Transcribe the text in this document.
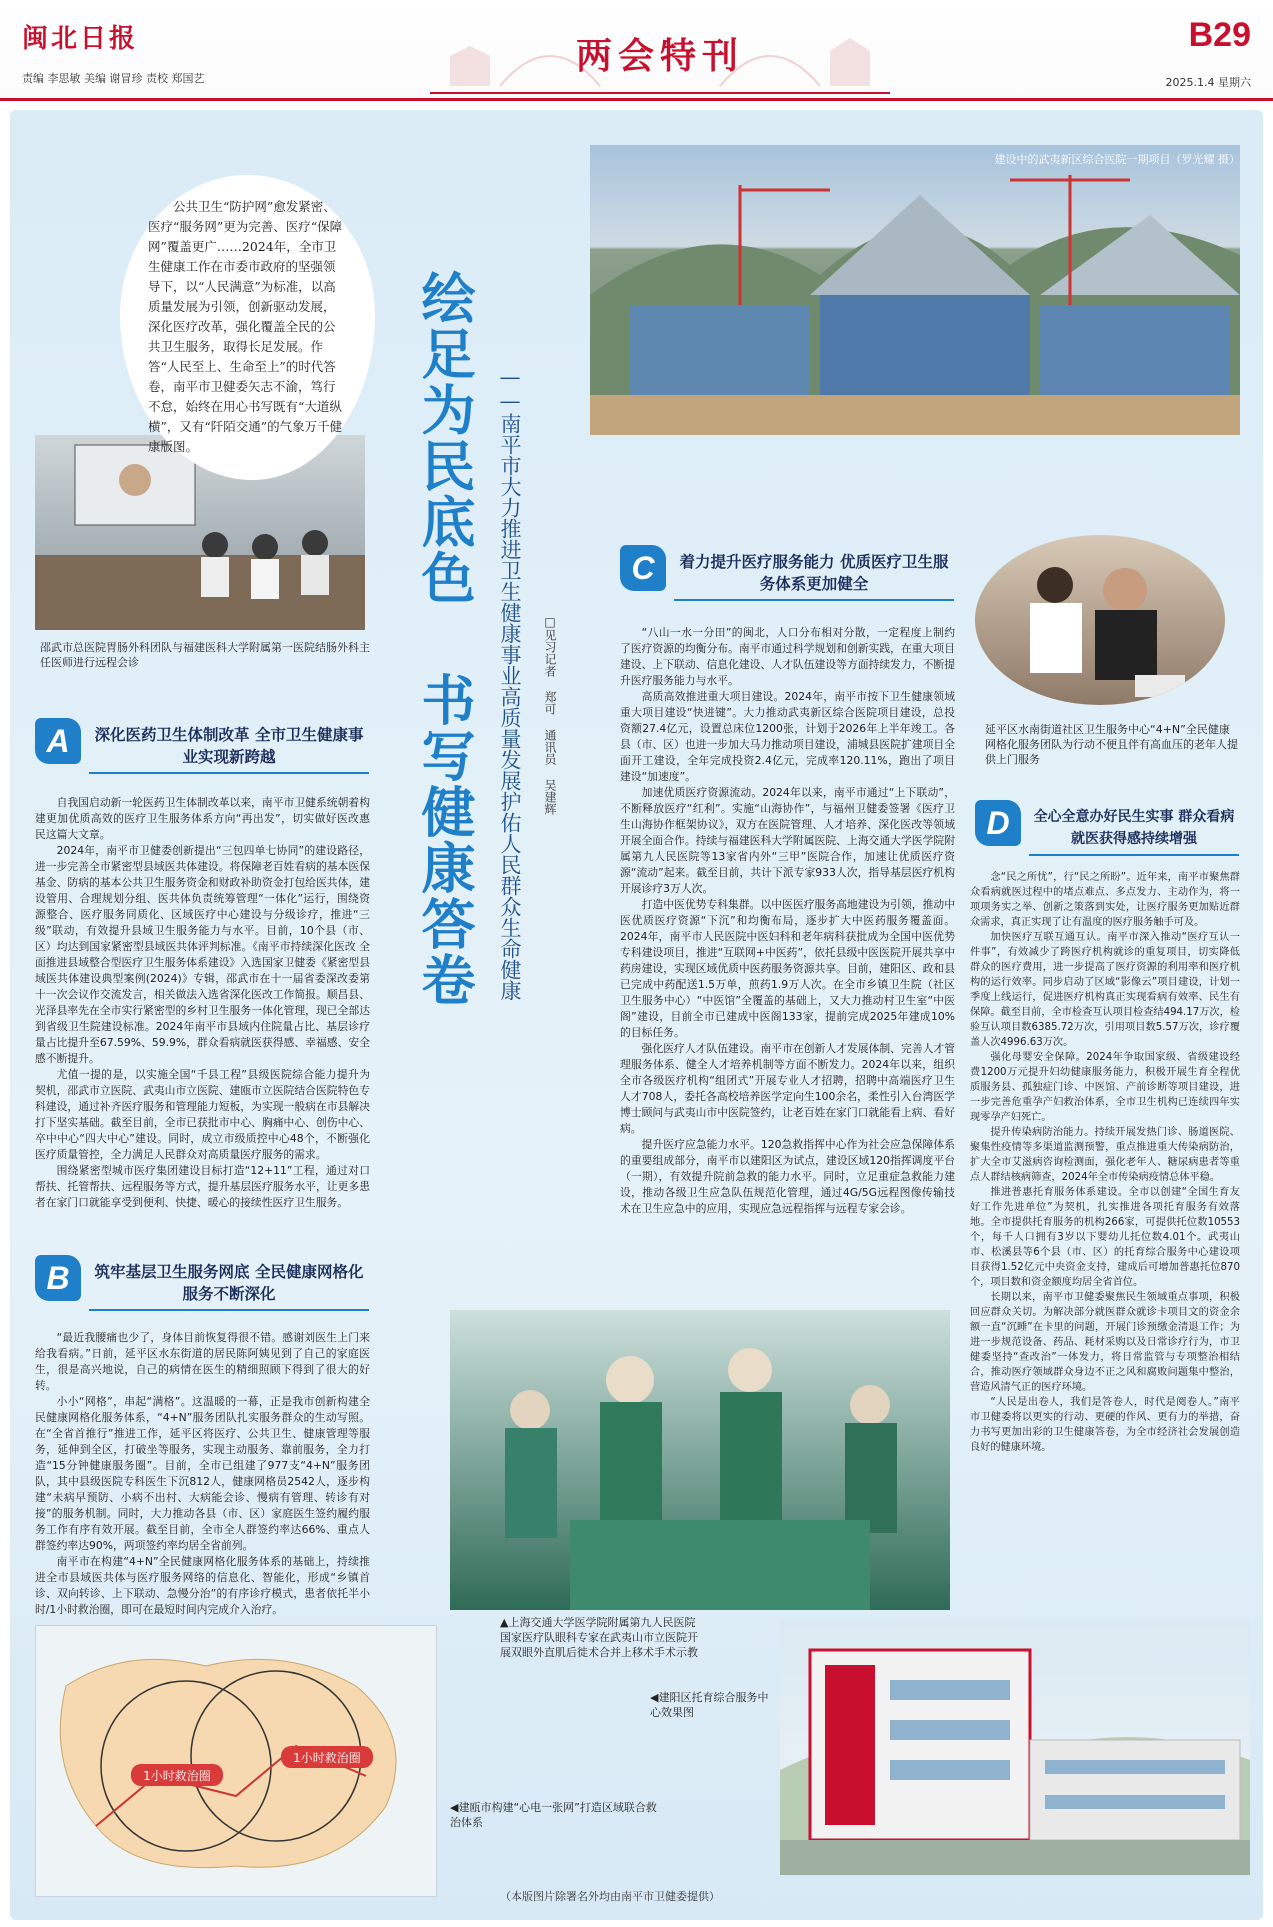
闽北日报
责编 李思敏 美编 谢冒珍 责校 郑国艺
两会特刊	B29
2025.1.4 星期六
邵武市总医院胃肠外科团队与福建医科大学附属第一医院结肠外科主任医师进行远程会诊

公共卫生“防护网”愈发紧密、医疗“服务网”更为完善、医疗“保障网”覆盖更广……2024年，全市卫生健康工作在市委市政府的坚强领导下，以“人民满意”为标准，以高质量发展为引领，创新驱动发展，深化医疗改革，强化覆盖全民的公共卫生服务，取得长足发展。作答“人民至上、生命至上”的时代答卷，南平市卫健委矢志不渝，笃行不怠，始终在用心书写既有“大道纵横”，又有“阡陌交通”的气象万千健康版图。	绘足为民底色 书写健康答卷	——南平市大力推进卫生健康事业高质量发展护佑人民群众生命健康	□见习记者 郑可 通讯员 吴建辉
建设中的武夷新区综合医院一期项目（罗光耀 摄）
延平区水南街道社区卫生服务中心“4+N”全民健康网格化服务团队为行动不便且伴有高血压的老年人提供上门服务
A	深化医药卫生体制改革 全市卫生健康事业实现新跨越

自我国启动新一轮医药卫生体制改革以来，南平市卫健系统朝着构建更加优质高效的医疗卫生服务体系方向“再出发”，切实做好医改惠民这篇大文章。

2024年，南平市卫健委创新提出“三包四单七协同”的建设路径，进一步完善全市紧密型县域医共体建设。将保障老百姓看病的基本医保基金、防病的基本公共卫生服务资金和财政补助资金打包给医共体，建设管用、合理规划分组、医共体负责统筹管理“一体化”运行，围绕资源整合、医疗服务同质化、区域医疗中心建设与分级诊疗，推进“三级”联动，有效提升县域卫生服务能力与水平。目前，10个县（市、区）均达到国家紧密型县域医共体评判标准。《南平市持续深化医改 全面推进县域整合型医疗卫生服务体系建设》入选国家卫健委《紧密型县域医共体建设典型案例(2024)》专辑，邵武市在十一届省委深改委第十一次会议作交流发言，相关做法入选省深化医改工作简报。顺昌县、光泽县率先在全市实行紧密型的乡村卫生服务一体化管理，现已全部达到省级卫生院建设标准。2024年南平市县域内住院量占比、基层诊疗量占比提升至67.59%、59.9%，群众看病就医获得感、幸福感、安全感不断提升。

尤值一提的是，以实施全国“千县工程”县级医院综合能力提升为契机，邵武市立医院、武夷山市立医院、建瓯市立医院结合医院特色专科建设，通过补齐医疗服务和管理能力短板，为实现一般病在市县解决打下坚实基础。截至目前，全市已获批市中心、胸痛中心、创伤中心、卒中中心“四大中心”建设。同时，成立市级质控中心48个，不断强化医疗质量管控，全力满足人民群众对高质量医疗服务的需求。

围绕紧密型城市医疗集团建设目标打造“12+11”工程，通过对口帮扶、托管帮扶、远程服务等方式，提升基层医疗服务水平，让更多患者在家门口就能享受到便利、快捷、暖心的接续性医疗卫生服务。

B	筑牢基层卫生服务网底 全民健康网格化服务不断深化

“最近我腰痛也少了，身体目前恢复得很不错。感谢刘医生上门来给我看病。”日前，延平区水东街道的居民陈阿姨见到了自己的家庭医生，很是高兴地说，自己的病情在医生的精细照顾下得到了很大的好转。

小小“网格”，串起“满格”。这温暖的一幕，正是我市创新构建全民健康网格化服务体系，“4+N”服务团队扎实服务群众的生动写照。在“全省首推行”推进工作，延平区将医疗、公共卫生、健康管理等服务，延伸到全区，打破坐等服务，实现主动服务、靠前服务，全力打造“15分钟健康服务圈”。目前，全市已组建了977支“4+N”服务团队，其中县级医院专科医生下沉812人，健康网格员2542人，逐步构建“未病早预防、小病不出村、大病能会诊、慢病有管理、转诊有对接”的服务机制。同时，大力推动各县（市、区）家庭医生签约履约服务工作有序有效开展。截至目前，全市全人群签约率达66%、重点人群签约率达90%，两项签约率均居全省前列。

南平市在构建“4+N”全民健康网格化服务体系的基础上，持续推进全市县域医共体与医疗服务网络的信息化、智能化，形成“乡镇首诊、双向转诊、上下联动、急慢分治”的有序诊疗模式，患者依托半小时/1小时救治圈，即可在最短时间内完成介入治疗。

1小时救治圈
1小时救治圈
◀建瓯市构建“心电一张网”打造区域联合救治体系
C	着力提升医疗服务能力 优质医疗卫生服务体系更加健全

“八山一水一分田”的闽北，人口分布相对分散，一定程度上制约了医疗资源的均衡分布。南平市通过科学规划和创新实践，在重大项目建设、上下联动、信息化建设、人才队伍建设等方面持续发力，不断提升医疗服务能力与水平。

高质高效推进重大项目建设。2024年，南平市按下卫生健康领域重大项目建设“快进键”。大力推动武夷新区综合医院项目建设，总投资额27.4亿元，设置总床位1200张，计划于2026年上半年竣工。各县（市、区）也进一步加大马力推动项目建设，浦城县医院扩建项目全面开工建设，全年完成投资2.4亿元，完成率120.11%，跑出了项目建设“加速度”。

加速优质医疗资源流动。2024年以来，南平市通过“上下联动”，不断释放医疗“红利”。实施“山海协作”，与福州卫健委签署《医疗卫生山海协作框架协议》，双方在医院管理、人才培养、深化医改等领域开展全面合作。持续与福建医科大学附属医院、上海交通大学医学院附属第九人民医院等13家省内外“三甲”医院合作，加速让优质医疗资源“流动”起来。截至目前，共计下派专家933人次，指导基层医疗机构开展诊疗3万人次。

打造中医优势专科集群。以中医医疗服务高地建设为引领，推动中医优质医疗资源“下沉”和均衡布局，逐步扩大中医药服务覆盖面。2024年，南平市人民医院中医妇科和老年病科获批成为全国中医优势专科建设项目，推进“互联网+中医药”，依托县级中医医院开展共享中药房建设，实现区域优质中医药服务资源共享。目前，建阳区、政和县已完成中药配送1.5万单，煎药1.9万人次。在全市乡镇卫生院（社区卫生服务中心）“中医馆”全覆盖的基础上，又大力推动村卫生室“中医阁”建设，目前全市已建成中医阁133家，提前完成2025年建成10%的目标任务。

强化医疗人才队伍建设。南平市在创新人才发展体制、完善人才管理服务体系、健全人才培养机制等方面不断发力。2024年以来，组织全市各级医疗机构“组团式”开展专业人才招聘，招聘中高端医疗卫生人才708人，委托各高校培养医学定向生100余名，柔性引入台湾医学博士顾问与武夷山市中医院签约，让老百姓在家门口就能看上病、看好病。

提升医疗应急能力水平。120急救指挥中心作为社会应急保障体系的重要组成部分，南平市以建阳区为试点，建设区域120指挥调度平台（一期），有效提升院前急救的能力水平。同时，立足重症急救能力建设，推动各级卫生应急队伍规范化管理，通过4G/5G远程图像传输技术在卫生应急中的应用，实现应急远程指挥与远程专家会诊。

D	全心全意办好民生实事 群众看病就医获得感持续增强

念“民之所忧”，行“民之所盼”。近年来，南平市聚焦群众看病就医过程中的堵点难点、多点发力、主动作为，将一项项务实之举、创新之策落到实处，让医疗服务更加贴近群众需求，真正实现了让有温度的医疗服务触手可及。

加快医疗互联互通互认。南平市深入推动“医疗互认一件事”，有效减少了跨医疗机构就诊的重复项目，切实降低群众的医疗费用，进一步提高了医疗资源的利用率和医疗机构的运行效率。同步启动了区域“影像云”项目建设，计划一季度上线运行，促进医疗机构真正实现看病有效率、民生有保障。截至目前，全市检查互认项目检查结494.17万次，检验互认项目数6385.72万次，引用项目数5.57万次，诊疗覆盖人次4996.63万次。

强化母婴安全保障。2024年争取国家级、省级建设经费1200万元提升妇幼健康服务能力，积极开展生育全程优质服务县、孤独症门诊、中医馆、产前诊断等项目建设，进一步完善危重孕产妇救治体系，全市卫生机构已连续四年实现零孕产妇死亡。

提升传染病防治能力。持续开展发热门诊、肠道医院、聚集性疫情等多渠道监测预警，重点推进重大传染病防治，扩大全市艾滋病咨询检测面，强化老年人、糖尿病患者等重点人群结核病筛查，2024年全市传染病疫情总体平稳。

推进普惠托育服务体系建设。全市以创建“全国生育友好工作先进单位”为契机，扎实推进各项托育服务有效落地。全市提供托育服务的机构266家，可提供托位数10553个，每千人口拥有3岁以下婴幼儿托位数4.01个。武夷山市、松溪县等6个县（市、区）的托育综合服务中心建设项目获得1.52亿元中央资金支持，建成后可增加普惠托位870个，项目数和资金额度均居全省首位。

长期以来，南平市卫健委聚焦民生领域重点事项，积极回应群众关切。为解决部分就医群众就诊卡项目文的资金余额一直“沉睡”在卡里的问题，开展门诊预缴金清退工作；为进一步规范设备、药品、耗材采购以及日常诊疗行为，市卫健委坚持“查改治”一体发力，将日常监管与专项整治相结合，推动医疗领域群众身边不正之风和腐败问题集中整治，营造风清气正的医疗环境。

“人民是出卷人，我们是答卷人，时代是阅卷人。”南平市卫健委将以更实的行动、更硬的作风、更有力的举措，奋力书写更加出彩的卫生健康答卷，为全市经济社会发展创造良好的健康环境。

▲上海交通大学医学院附属第九人民医院国家医疗队眼科专家在武夷山市立医院开展双眼外直肌后徙术合并上移术手术示教
◀建阳区托育综合服务中心效果图
（本版图片除署名外均由南平市卫健委提供）
